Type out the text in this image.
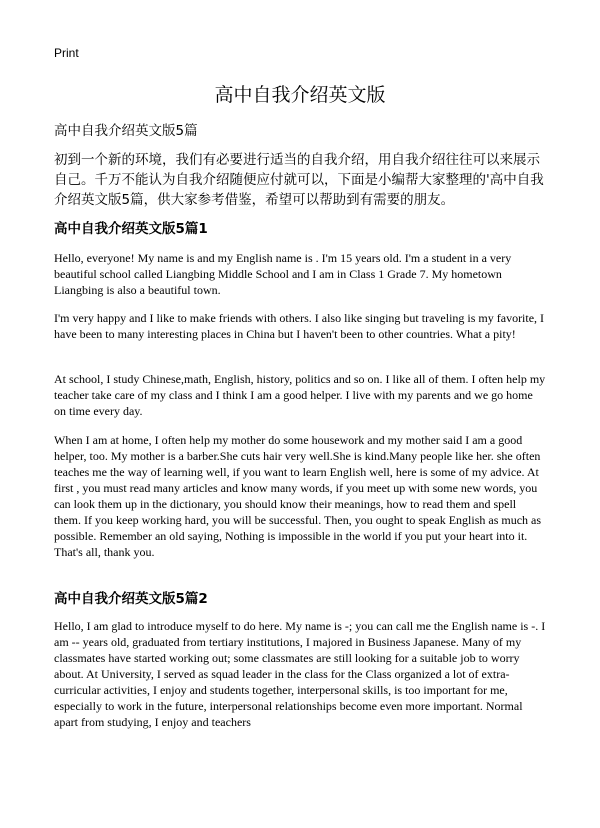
Print
高中自我介绍英文版
高中自我介绍英文版5篇
初到一个新的环境，我们有必要进行适当的自我介绍，用自我介绍往往可以来展示自己。千万不能认为自我介绍随便应付就可以，下面是小编帮大家整理的'高中自我介绍英文版5篇，供大家参考借鉴，希望可以帮助到有需要的朋友。
高中自我介绍英文版5篇1
Hello, everyone! My name is and my English name is . I'm 15 years old. I'm a student in a very beautiful school called Liangbing Middle School and I am in Class 1 Grade 7. My hometown Liangbing is also a beautiful town.
I'm very happy and I like to make friends with others. I also like singing but traveling is my favorite, I have been to many interesting places in China but I haven't been to other countries. What a pity!
At school, I study Chinese,math, English, history, politics and so on. I like all of them. I often help my teacher take care of my class and I think I am a good helper. I live with my parents and we go home on time every day.
When I am at home, I often help my mother do some housework and my mother said I am a good helper, too. My mother is a barber.She cuts hair very well.She is kind.Many people like her. she often teaches me the way of learning well, if you want to learn English well, here is some of my advice. At first , you must read many articles and know many words, if you meet up with some new words, you can look them up in the dictionary, you should know their meanings, how to read them and spell them. If you keep working hard, you will be successful. Then, you ought to speak English as much as possible. Remember an old saying, Nothing is impossible in the world if you put your heart into it. That's all, thank you.
高中自我介绍英文版5篇2
Hello, I am glad to introduce myself to do here. My name is -; you can call me the English name is -. I am -- years old, graduated from tertiary institutions, I majored in Business Japanese. Many of my classmates have started working out; some classmates are still looking for a suitable job to worry about. At University, I served as squad leader in the class for the Class organized a lot of extra-curricular activities, I enjoy and students together, interpersonal skills, is too important for me, especially to work in the future, interpersonal relationships become even more important. Normal apart from studying, I enjoy and teachers
